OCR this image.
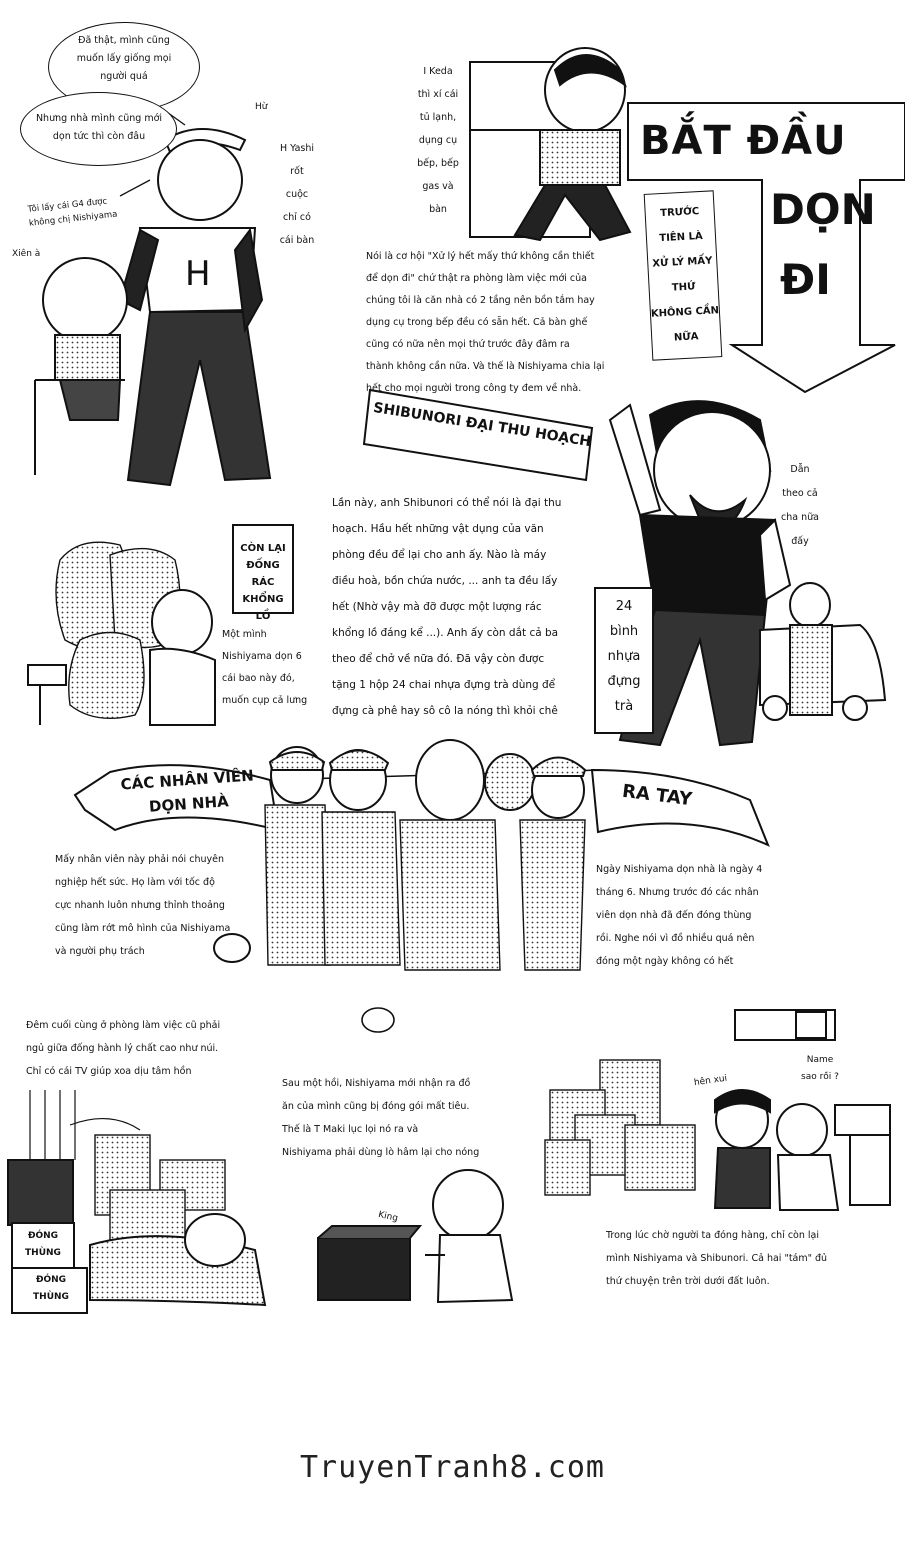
H
Đã thật, mình cũng
muốn lấy giống mọi
người quá
Nhưng nhà mình cũng mới
dọn tức thì còn đâu
Tôi lấy cái G4 được
không chị Nishiyama
Xiên à
Hừ
H Yashi
rốt
cuộc
chỉ có
cái bàn
I Keda
thì xí cái
tủ lạnh,
dụng cụ
bếp, bếp
gas và
bàn
BẮT ĐẦU
DỌN
ĐI
TRƯỚC
TIÊN LÀ
XỬ LÝ MẤY
THỨ
KHÔNG CẦN
NỮA
Nói là cơ hội "Xử lý hết mấy thứ không cần thiết
để dọn đi" chứ thật ra phòng làm việc mới của
chúng tôi là căn nhà có 2 tầng nên bồn tắm hay
dụng cụ trong bếp đều có sẵn hết. Cả bàn ghế
cũng có nữa nên mọi thứ trước đây đâm ra
thành không cần nữa. Và thế là Nishiyama chia lại
hết cho mọi người trong công ty đem về nhà.
SHIBUNORI ĐẠI THU HOẠCH
Lần này, anh Shibunori có thể nói là đại thu
hoạch. Hầu hết những vật dụng của văn
phòng đều để lại cho anh ấy. Nào là máy
điều hoà, bồn chứa nước, ... anh ta đều lấy
hết (Nhờ vậy mà đỡ được một lượng rác
khổng lồ đáng kể ...). Anh ấy còn dắt cả ba
theo để chở về nữa đó. Đã vậy còn được
tặng 1 hộp 24 chai nhựa đựng trà dùng để
đựng cà phê hay sô cô la nóng thì khỏi chê
Dẫn
theo cả
cha nữa
đấy
24
bình
nhựa
đựng
trà
CÒN LẠI
ĐỐNG RÁC
KHỔNG LỒ
Một mình
Nishiyama dọn 6
cái bao này đó,
muốn cụp cả lưng
CÁC NHÂN VIÊN
DỌN NHÀ	RA TAY
Mấy nhân viên này phải nói chuyên
nghiệp hết sức. Họ làm với tốc độ
cực nhanh luôn nhưng thỉnh thoảng
cũng làm rớt mô hình của Nishiyama
và người phụ trách
Ngày Nishiyama dọn nhà là ngày 4
tháng 6. Nhưng trước đó các nhân
viên dọn nhà đã đến đóng thùng
rồi. Nghe nói vì đồ nhiều quá nên
đóng một ngày không có hết
Đêm cuối cùng ở phòng làm việc cũ phải
ngủ giữa đống hành lý chất cao như núi.
Chỉ có cái TV giúp xoa dịu tâm hồn
ĐÓNG
THÙNG
ĐÓNG
THÙNG
Sau một hồi, Nishiyama mới nhận ra đồ
ăn của mình cũng bị đóng gói mất tiêu.
Thế là T Maki lục lọi nó ra và
Nishiyama phải dùng lò hâm lại cho nóng
King
Trong lúc chờ người ta đóng hàng, chỉ còn lại
mình Nishiyama và Shibunori. Cả hai "tám" đủ
thứ chuyện trên trời dưới đất luôn.
hên xui
Name
sao rồi ?
TruyenTranh8.com
